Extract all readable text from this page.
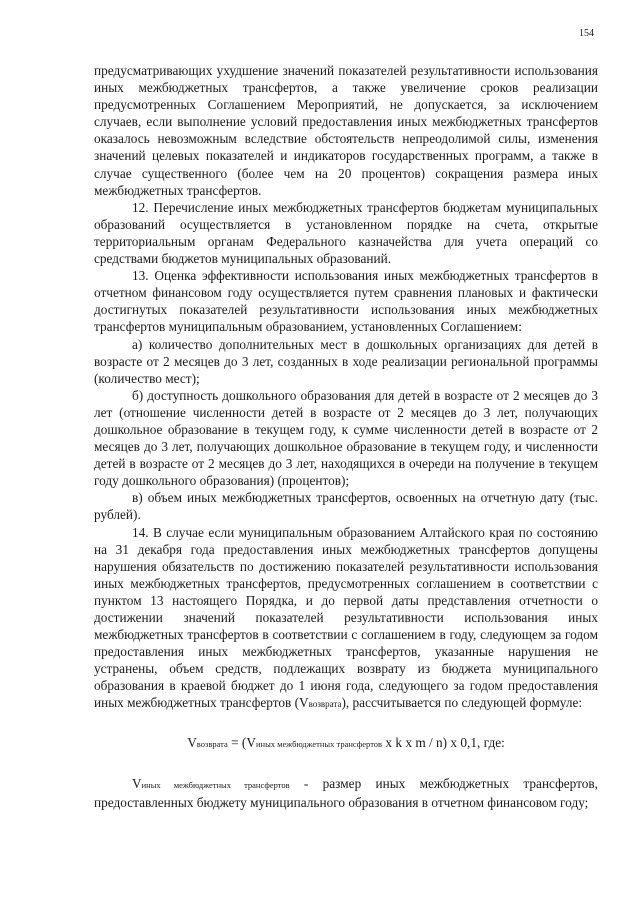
154

предусматривающих ухудшение значений показателей результативности использования иных межбюджетных трансфертов, а также увеличение сроков реализации предусмотренных Соглашением Мероприятий, не допускается, за исключением случаев, если выполнение условий предоставления иных межбюджетных трансфертов оказалось невозможным вследствие обстоятельств непреодолимой силы, изменения значений целевых показателей и индикаторов государственных программ, а также в случае существенного (более чем на 20 процентов) сокращения размера иных межбюджетных трансфертов.

12. Перечисление иных межбюджетных трансфертов бюджетам муниципальных образований осуществляется в установленном порядке на счета, открытые территориальным органам Федерального казначейства для учета операций со средствами бюджетов муниципальных образований.

13. Оценка эффективности использования иных межбюджетных трансфертов в отчетном финансовом году осуществляется путем сравнения плановых и фактически достигнутых показателей результативности использования иных межбюджетных трансфертов муниципальным образованием, установленных Соглашением:

а) количество дополнительных мест в дошкольных организациях для детей в возрасте от 2 месяцев до 3 лет, созданных в ходе реализации региональной программы (количество мест);

б) доступность дошкольного образования для детей в возрасте от 2 месяцев до 3 лет (отношение численности детей в возрасте от 2 месяцев до 3 лет, получающих дошкольное образование в текущем году, к сумме численности детей в возрасте от 2 месяцев до 3 лет, получающих дошкольное образование в текущем году, и численности детей в возрасте от 2 месяцев до 3 лет, находящихся в очереди на получение в текущем году дошкольного образования) (процентов);

в) объем иных межбюджетных трансфертов, освоенных на отчетную дату (тыс. рублей).

14. В случае если муниципальным образованием Алтайского края по состоянию на 31 декабря года предоставления иных межбюджетных трансфертов допущены нарушения обязательств по достижению показателей результативности использования иных межбюджетных трансфертов, предусмотренных соглашением в соответствии с пунктом 13 настоящего Порядка, и до первой даты представления отчетности о достижении значений показателей результативности использования иных межбюджетных трансфертов в соответствии с соглашением в году, следующем за годом предоставления иных межбюджетных трансфертов, указанные нарушения не устранены, объем средств, подлежащих возврату из бюджета муниципального образования в краевой бюджет до 1 июня года, следующего за годом предоставления иных межбюджетных трансфертов (Vвозврата), рассчитывается по следующей формуле:

Vвозврата = (Vиных межбюджетных трансфертов x k x m / n) x 0,1, где:

Vиных межбюджетных трансфертов - размер иных межбюджетных трансфертов, предоставленных бюджету муниципального образования в отчетном финансовом году;
